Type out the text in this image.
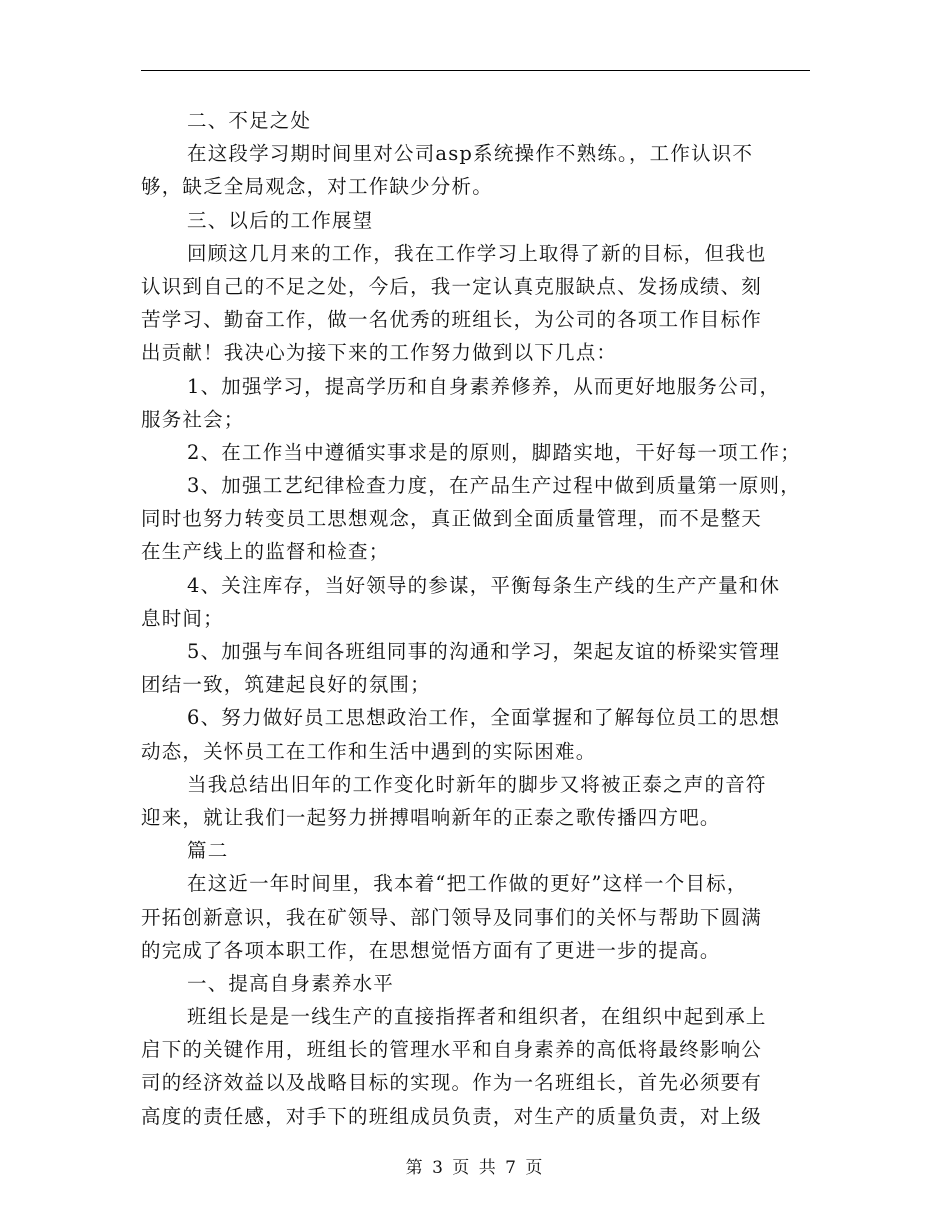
二、不足之处
在这段学习期时间里对公司asp系统操作不熟练。，工作认识不
够，缺乏全局观念，对工作缺少分析。
三、以后的工作展望
回顾这几月来的工作，我在工作学习上取得了新的目标，但我也
认识到自己的不足之处，今后，我一定认真克服缺点、发扬成绩、刻
苦学习、勤奋工作，做一名优秀的班组长，为公司的各项工作目标作
出贡献！我决心为接下来的工作努力做到以下几点：
1、加强学习，提高学历和自身素养修养，从而更好地服务公司，
服务社会；
2、在工作当中遵循实事求是的原则，脚踏实地，干好每一项工作；
3、加强工艺纪律检查力度，在产品生产过程中做到质量第一原则，
同时也努力转变员工思想观念，真正做到全面质量管理，而不是整天
在生产线上的监督和检查；
4、关注库存，当好领导的参谋，平衡每条生产线的生产产量和休
息时间；
5、加强与车间各班组同事的沟通和学习，架起友谊的桥梁实管理
团结一致，筑建起良好的氛围；
6、努力做好员工思想政治工作，全面掌握和了解每位员工的思想
动态，关怀员工在工作和生活中遇到的实际困难。
当我总结出旧年的工作变化时新年的脚步又将被正泰之声的音符
迎来，就让我们一起努力拼搏唱响新年的正泰之歌传播四方吧。
篇二
在这近一年时间里，我本着“把工作做的更好”这样一个目标，
开拓创新意识，我在矿领导、部门领导及同事们的关怀与帮助下圆满
的完成了各项本职工作，在思想觉悟方面有了更进一步的提高。
一、提高自身素养水平
班组长是是一线生产的直接指挥者和组织者，在组织中起到承上
启下的关键作用，班组长的管理水平和自身素养的高低将最终影响公
司的经济效益以及战略目标的实现。作为一名班组长，首先必须要有
高度的责任感，对手下的班组成员负责，对生产的质量负责，对上级
第 3 页 共 7 页
